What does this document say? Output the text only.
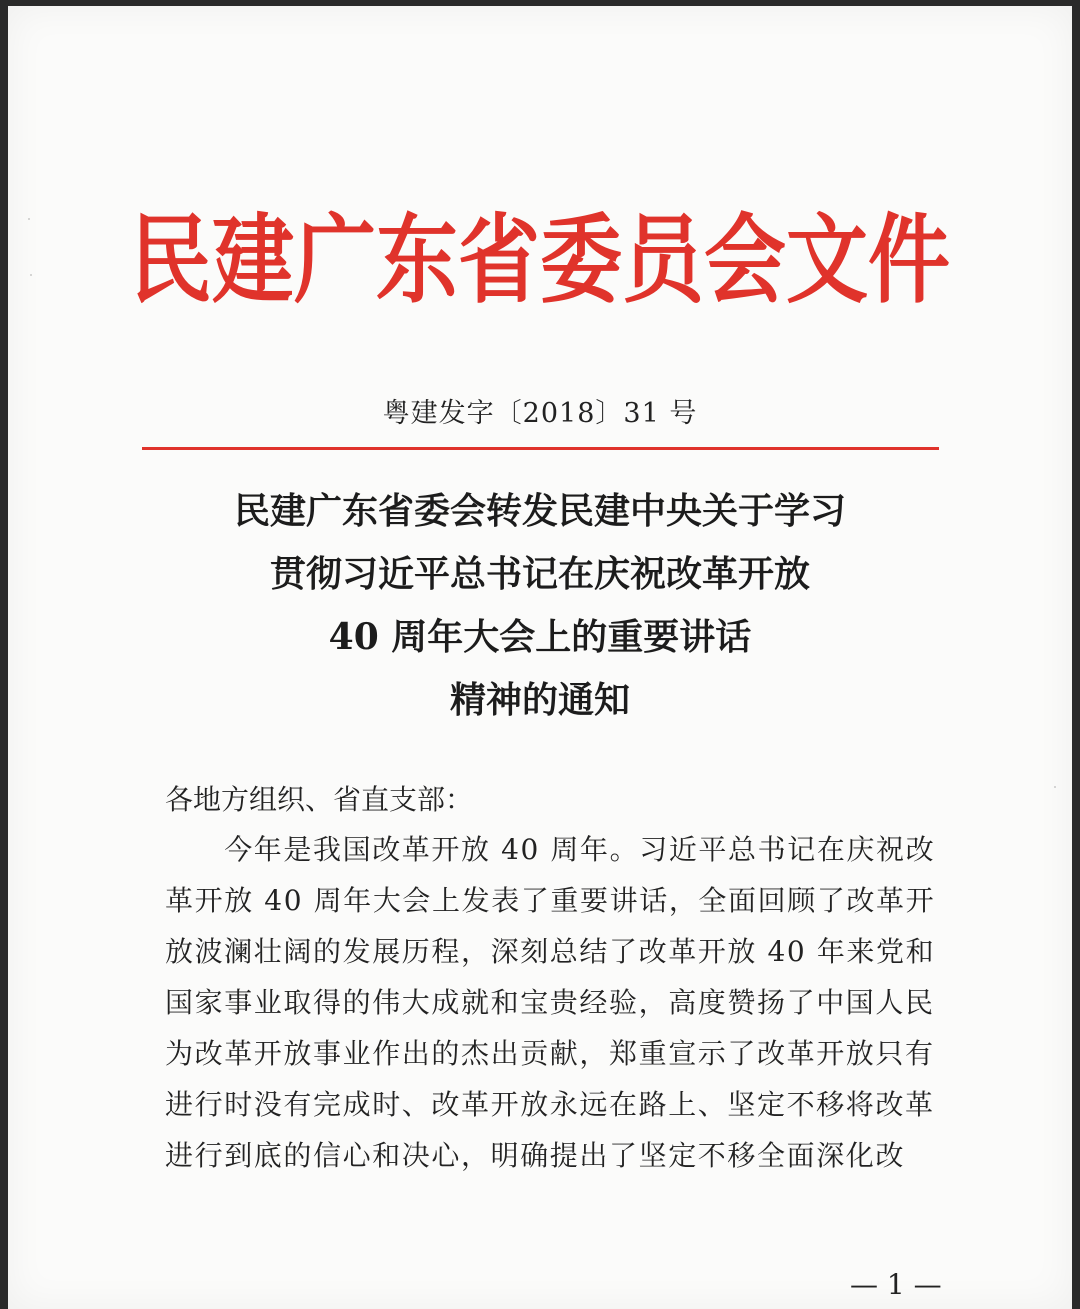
民建广东省委员会文件
粤建发字〔2018〕31 号
民建广东省委会转发民建中央关于学习
贯彻习近平总书记在庆祝改革开放
40 周年大会上的重要讲话
精神的通知
各地方组织、省直支部：
　　今年是我国改革开放 40 周年。习近平总书记在庆祝改
革开放 40 周年大会上发表了重要讲话，全面回顾了改革开
放波澜壮阔的发展历程，深刻总结了改革开放 40 年来党和
国家事业取得的伟大成就和宝贵经验，高度赞扬了中国人民
为改革开放事业作出的杰出贡献，郑重宣示了改革开放只有
进行时没有完成时、改革开放永远在路上、坚定不移将改革
进行到底的信心和决心，明确提出了坚定不移全面深化改
— 1 —
